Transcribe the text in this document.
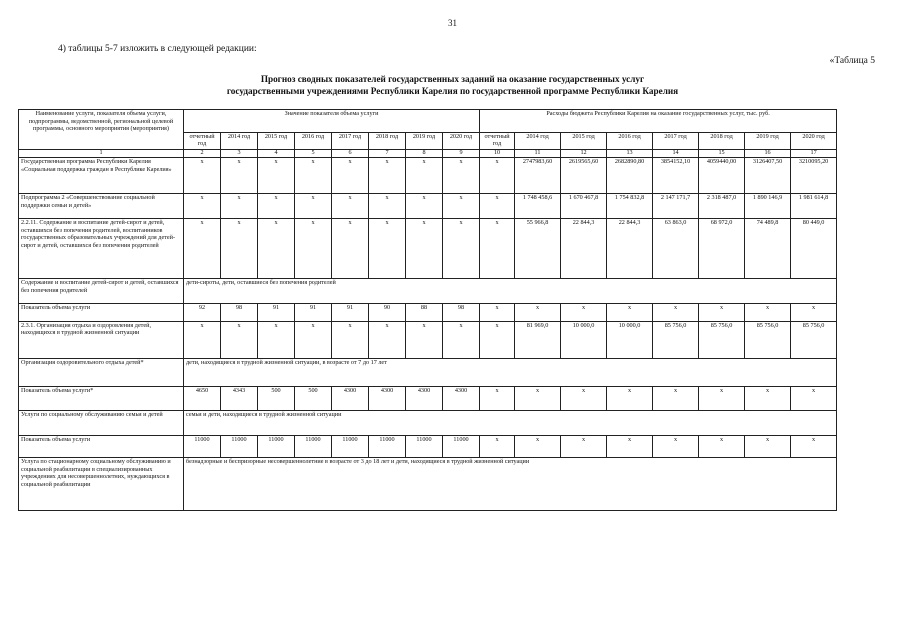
31
4) таблицы 5-7 изложить в следующей редакции:
«Таблица 5
Прогноз сводных показателей государственных заданий на оказание государственных услуг
государственными учреждениями Республики Карелия по государственной программе Республики Карелия
Наименование услуги, показателя объема услуги, подпрограммы, ведомственной, региональной целевой программы, основного мероприятия (мероприятия)	Значение показателя объема услуги								Расходы бюджета Республики Карелия на оказание государственных услуг, тыс. руб.							
	отчетный год	2014 год	2015 год	2016 год	2017 год	2018 год	2019 год	2020 год	отчетный год	2014 год	2015 год	2016 год	2017 год	2018 год	2019 год	2020 год
1	2	3	4	5	6	7	8	9	10	11	12	13	14	15	16	17
Государственная программа Республики Карелия «Социальная поддержка граждан в Республике Карелия»	x	x	x	x	x	x	x	x	x	2747983,60	2619565,60	2682890,80	3854152,10	4059440,00	3126407,50	3210095,20
Подпрограмма 2 «Совершенствование социальной поддержки семьи и детей»	x	x	x	x	x	x	x	x	x	1 748 458,6	1 670 467,8	1 754 832,8	2 147 171,7	2 318 487,0	1 890 146,9	1 981 614,8
2.2.11. Содержание и воспитание детей-сирот и детей, оставшихся без попечения родителей, воспитанников государственных образовательных учреждений для детей-сирот и детей, оставшихся без попечения родителей	x	x	x	x	x	x	x	x	x	55 966,8	22 844,3	22 844,3	63 863,0	68 972,0	74 489,8	80 449,0
Содержание и воспитание детей-сирот и детей, оставшихся без попечения родителей	дети-сироты, дети, оставшиеся без попечения родителей															
Показатель объема услуги	92	98	91	91	91	90	88	98	x	x	x	x	x	x	x	x
2.3.1. Организация отдыха и оздоровления детей, находящихся в трудной жизненной ситуации	x	x	x	x	x	x	x	x	x	81 969,0	10 000,0	10 000,0	85 756,0	85 756,0	85 756,0	85 756,0
Организация оздоровительного отдыха детей*	дети, находящиеся в трудной жизненной ситуации, в возрасте от 7 до 17 лет															
Показатель объема услуги*	4650	4343	500	500	4300	4300	4300	4300	x	x	x	x	x	x	x	x
Услуги по социальному обслуживанию семьи и детей	семьи и дети, находящиеся в трудной жизненной ситуации															
Показатель объема услуги	11000	11000	11000	11000	11000	11000	11000	11000	x	x	x	x	x	x	x	x
Услуга по стационарному социальному обслуживанию и социальной реабилитации в специализированных учреждениях для несовершеннолетних, нуждающихся в социальной реабилитации	безнадзорные и беспризорные несовершеннолетние в возрасте от 3 до 18 лет и дети, находящиеся в трудной жизненной ситуации															
